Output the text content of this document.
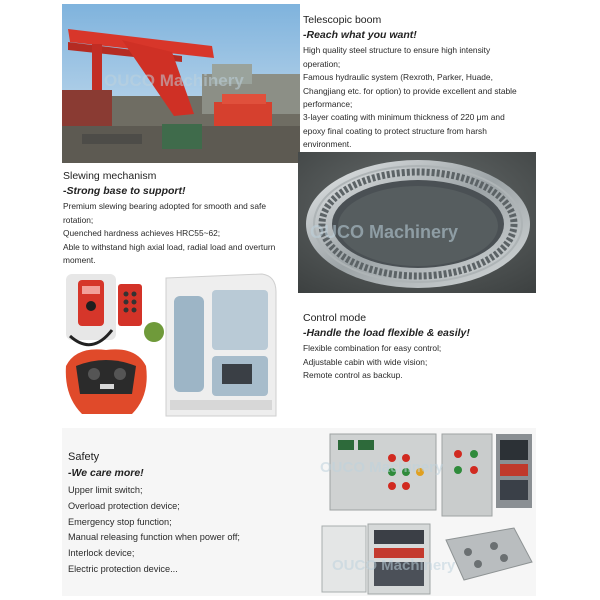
OUCO Machinery
Telescopic boom
-Reach what you want!
High quality steel structure to ensure high intensity
operation;
Famous hydraulic system (Rexroth, Parker, Huade,
Changjiang etc. for option) to provide excellent and stable
performance;
3-layer coating with minimum thickness of 220 μm and
epoxy final coating to protect structure from harsh
environment.
Slewing mechanism
-Strong base to support!
Premium slewing bearing adopted for smooth and safe
rotation;
Quenched hardness achieves HRC55~62;
Able to withstand high axial load, radial load and overturn
moment.
OUCO Machinery
Control mode
-Handle the load flexible & easily!
Flexible combination for easy control;
Adjustable cabin with wide vision;
Remote control as backup.
Safety
-We care more!
Upper limit switch;
Overload protection device;
Emergency stop function;
Manual releasing function when power off;
Interlock device;
Electric protection device...
OUCO Machinery
OUCO Machinery
